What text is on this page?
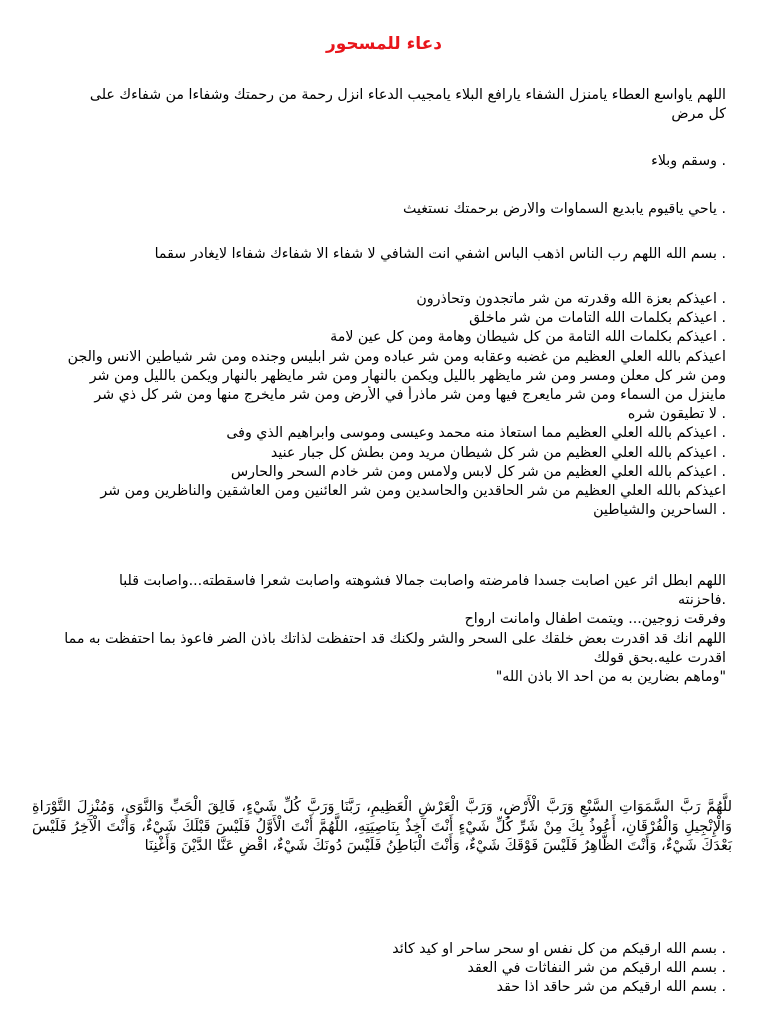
دعاء للمسحور
اللهم ياواسع العطاء يامنزل الشفاء يارافع البلاء يامجيب الدعاء انزل رحمة من رحمتك وشفاءا من شفاءك على
كل مرض
. وسقم وبلاء
. ياحي ياقيوم يابديع السماوات والارض برحمتك نستغيث
. بسم الله اللهم رب الناس اذهب الباس اشفي انت الشافي لا شفاء الا شفاءك شفاءا لايغادر سقما
. اعيذكم بعزة الله وقدرته من شر ماتجدون وتحاذرون
. اعيذكم بكلمات الله التامات من شر ماخلق
. اعيذكم بكلمات الله التامة من كل شيطان وهامة ومن كل عين لامة
اعيذكم بالله العلي العظيم من غضبه وعقابه ومن شر عباده ومن شر ابليس وجنده ومن شر شياطين الانس والجن
ومن شر كل معلن ومسر ومن شر مايظهر بالليل ويكمن بالنهار ومن شر مايظهر بالنهار ويكمن بالليل ومن شر
ماينزل من السماء ومن شر مايعرج فيها ومن شر ماذرأ في الأرض ومن شر مايخرج منها ومن شر كل ذي شر
. لا تطيقون شره
. اعيذكم بالله العلي العظيم مما استعاذ منه محمد وعيسى وموسى وابراهيم الذي وفى
. اعيذكم بالله العلي العظيم من شر كل شيطان مريد ومن بطش كل جبار عنيد
. اعيذكم بالله العلي العظيم من شر كل لابس ولامس ومن شر خادم السحر والحارس
اعيذكم بالله العلي العظيم من شر الحاقدين والحاسدين ومن شر العائنين ومن العاشقين والناظرين ومن شر
. الساحرين والشياطين
اللهم ابطل اثر عين اصابت جسدا فامرضته واصابت جمالا فشوهته واصابت شعرا فاسقطته...واصابت قلبا
.فاحزنته
وفرقت زوجين... ويتمت اطفال وامانت ارواح
اللهم انك قد اقدرت بعض خلقك على السحر والشر ولكنك قد احتفظت لذاتك باذن الضر فاعوذ بما احتفظت به مما
اقدرت عليه.بحق قولك
"وماهم بضارين به من احد الا باذن الله"
للَّهُمَّ رَبَّ السَّمَوَاتِ السَّبْعِ وَرَبَّ الْأَرْضِ، وَرَبَّ الْعَرْشِ الْعَظِيمِ، رَبَّنَا وَرَبَّ كُلِّ شَيْءٍ، فَالِقَ الْحَبِّ وَالنَّوَى، وَمُنْزِلَ التَّوْرَاةِ وَالْإِنْجِيلِ وَالْفُرْقَانِ، أَعُوذُ بِكَ مِنْ شَرِّ كُلِّ شَيْءٍ أَنْتَ آخِذٌ بِنَاصِيَتِهِ، اللَّهُمَّ أَنْتَ الْأَوَّلُ فَلَيْسَ قَبْلَكَ شَيْءٌ، وَأَنْتَ الْآخِرُ فَلَيْسَ بَعْدَكَ شَيْءٌ، وَأَنْتَ الظَّاهِرُ فَلَيْسَ فَوْقَكَ شَيْءٌ، وَأَنْتَ الْبَاطِنُ فَلَيْسَ دُونَكَ شَيْءٌ، اقْضِ عَنَّا الدَّيْنَ وَأَغْنِنَا
. بسم الله ارقيكم من كل نفس او سحر ساحر او كيد كائد
. بسم الله ارقيكم من شر النفاثات في العقد
. بسم الله ارقيكم من شر حاقد اذا حقد
